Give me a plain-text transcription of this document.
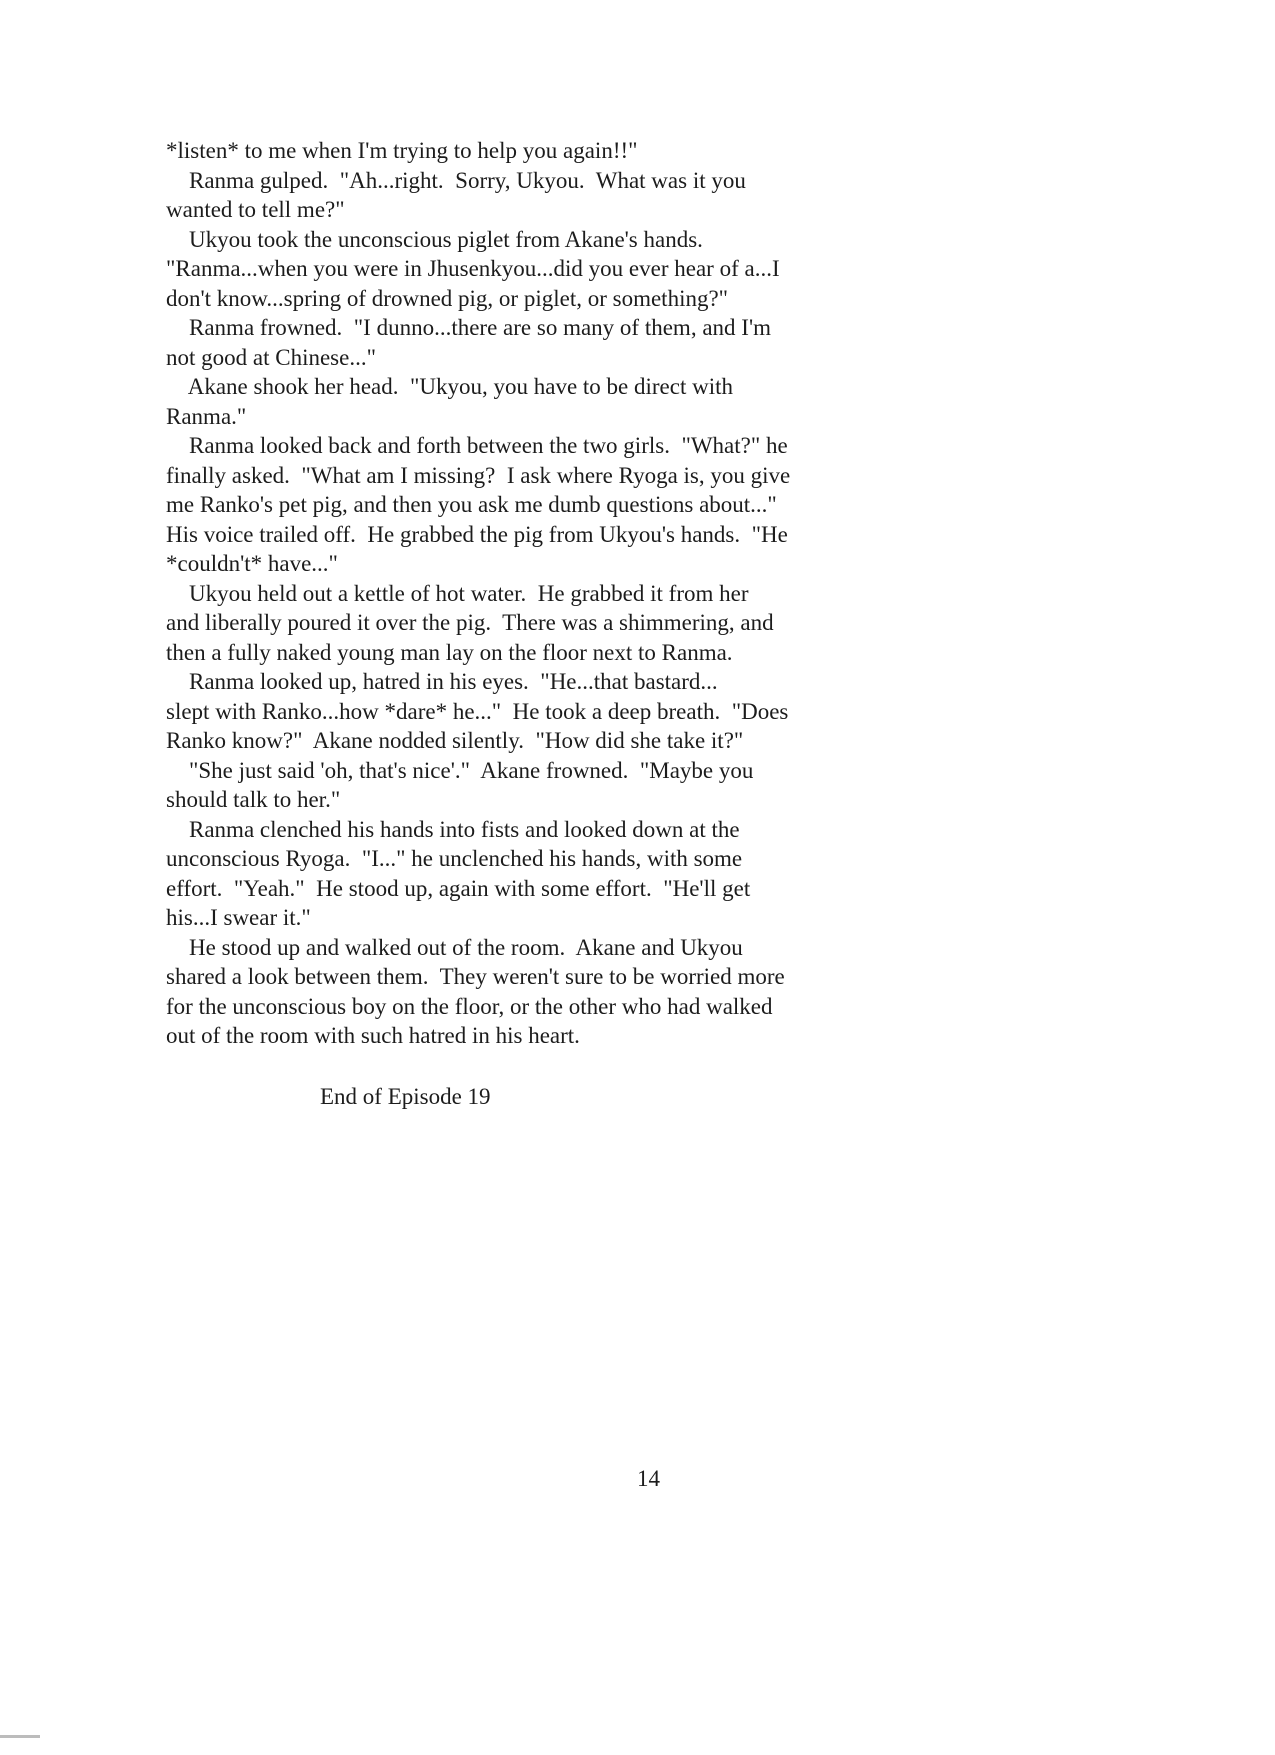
*listen* to me when I'm trying to help you again!!"
Ranma gulped.  "Ah...right.  Sorry, Ukyou.  What was it you
wanted to tell me?"
Ukyou took the unconscious piglet from Akane's hands.
"Ranma...when you were in Jhusenkyou...did you ever hear of a...I
don't know...spring of drowned pig, or piglet, or something?"
Ranma frowned.  "I dunno...there are so many of them, and I'm
not good at Chinese..."
Akane shook her head.  "Ukyou, you have to be direct with
Ranma."
Ranma looked back and forth between the two girls.  "What?" he
finally asked.  "What am I missing?  I ask where Ryoga is, you give
me Ranko's pet pig, and then you ask me dumb questions about..."
His voice trailed off.  He grabbed the pig from Ukyou's hands.  "He
*couldn't* have..."
Ukyou held out a kettle of hot water.  He grabbed it from her
and liberally poured it over the pig.  There was a shimmering, and
then a fully naked young man lay on the floor next to Ranma.
Ranma looked up, hatred in his eyes.  "He...that bastard...
slept with Ranko...how *dare* he..."  He took a deep breath.  "Does
Ranko know?"  Akane nodded silently.  "How did she take it?"
"She just said 'oh, that's nice'."  Akane frowned.  "Maybe you
should talk to her."
Ranma clenched his hands into fists and looked down at the
unconscious Ryoga.  "I..." he unclenched his hands, with some
effort.  "Yeah."  He stood up, again with some effort.  "He'll get
his...I swear it."
He stood up and walked out of the room.  Akane and Ukyou
shared a look between them.  They weren't sure to be worried more
for the unconscious boy on the floor, or the other who had walked
out of the room with such hatred in his heart.
End of Episode 19
14
